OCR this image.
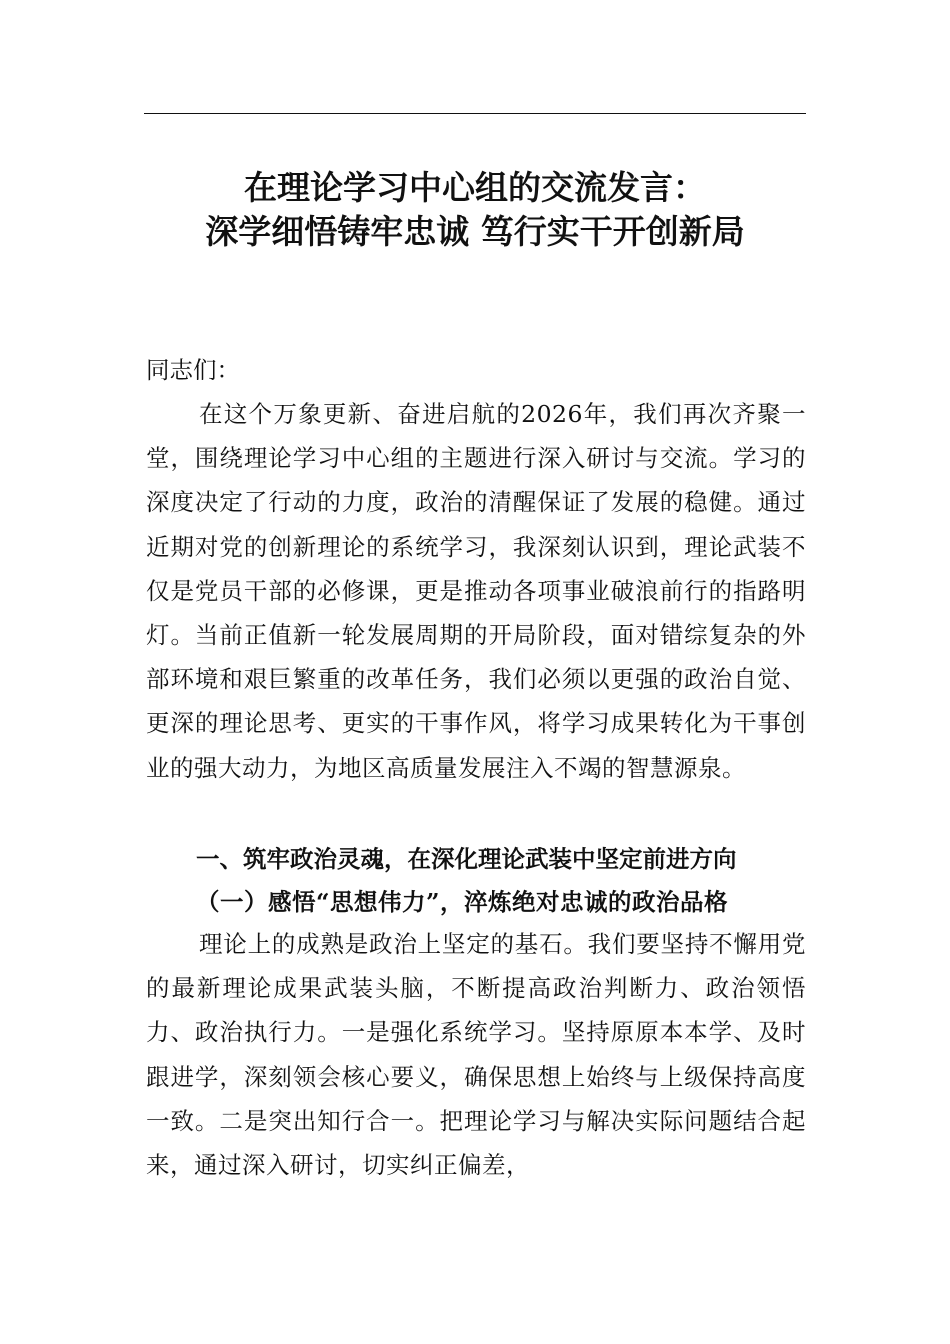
在理论学习中心组的交流发言：
深学细悟铸牢忠诚 笃行实干开创新局

同志们：

在这个万象更新、奋进启航的2026年，我们再次齐聚一堂，围绕理论学习中心组的主题进行深入研讨与交流。学习的深度决定了行动的力度，政治的清醒保证了发展的稳健。通过近期对党的创新理论的系统学习，我深刻认识到，理论武装不仅是党员干部的必修课，更是推动各项事业破浪前行的指路明灯。当前正值新一轮发展周期的开局阶段，面对错综复杂的外部环境和艰巨繁重的改革任务，我们必须以更强的政治自觉、更深的理论思考、更实的干事作风，将学习成果转化为干事创业的强大动力，为地区高质量发展注入不竭的智慧源泉。

一、筑牢政治灵魂，在深化理论武装中坚定前进方向
（一）感悟“思想伟力”，淬炼绝对忠诚的政治品格

理论上的成熟是政治上坚定的基石。我们要坚持不懈用党的最新理论成果武装头脑，不断提高政治判断力、政治领悟力、政治执行力。一是强化系统学习。坚持原原本本学、及时跟进学，深刻领会核心要义，确保思想上始终与上级保持高度一致。二是突出知行合一。把理论学习与解决实际问题结合起来，通过深入研讨，切实纠正偏差，
